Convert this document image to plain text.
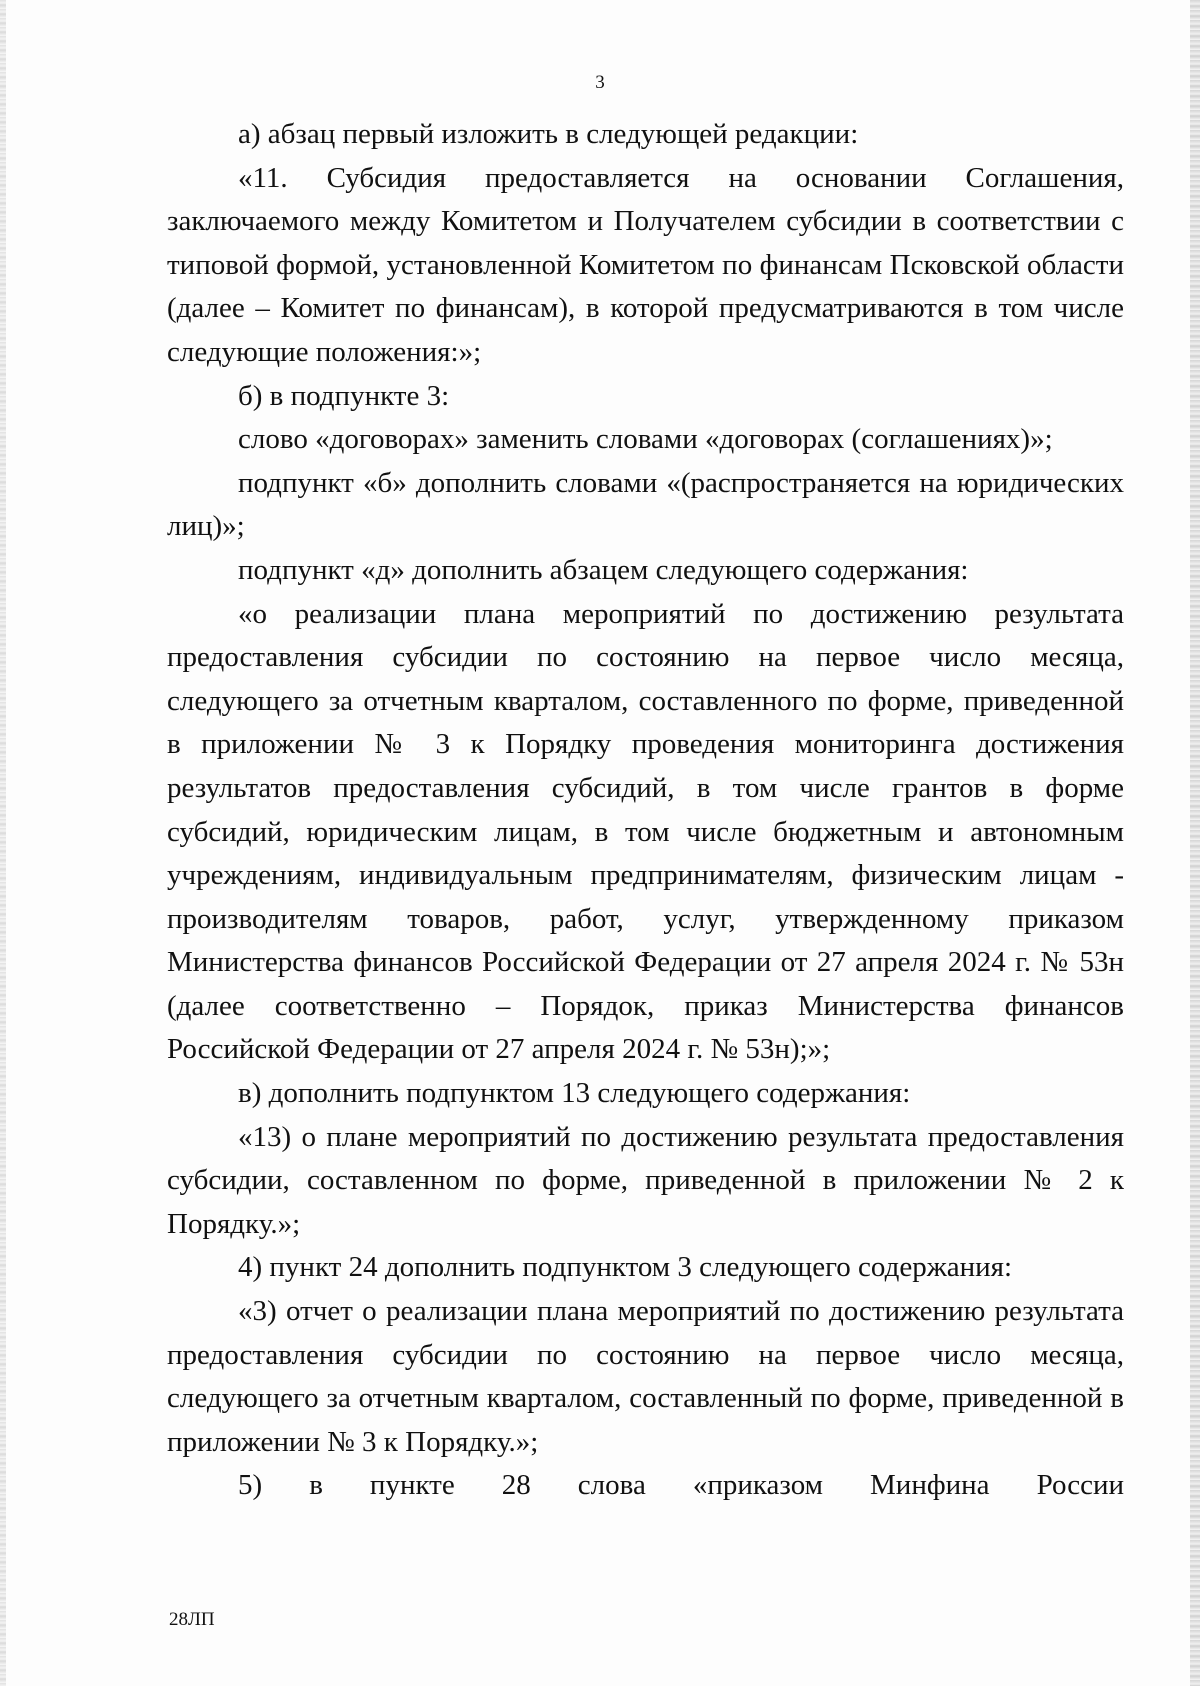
3

а) абзац первый изложить в следующей редакции:

«11. Субсидия предоставляется на основании Соглашения, заключаемого между Комитетом и Получателем субсидии в соответствии с типовой формой, установленной Комитетом по финансам Псковской области (далее – Комитет по финансам), в которой предусматриваются в том числе следующие положения:»;

б) в подпункте 3:

слово «договорах» заменить словами «договорах (соглашениях)»;

подпункт «б» дополнить словами «(распространяется на юридических лиц)»;

подпункт «д» дополнить абзацем следующего содержания:

«о реализации плана мероприятий по достижению результата предоставления субсидии по состоянию на первое число месяца, следующего за отчетным кварталом, составленного по форме, приведенной в приложении № 3 к Порядку проведения мониторинга достижения результатов предоставления субсидий, в том числе грантов в форме субсидий, юридическим лицам, в том числе бюджетным и автономным учреждениям, индивидуальным предпринимателям, физическим лицам - производителям товаров, работ, услуг, утвержденному приказом Министерства финансов Российской Федерации от 27 апреля 2024 г. № 53н (далее соответственно – Порядок, приказ Министерства финансов Российской Федерации от 27 апреля 2024 г. № 53н);»;

в) дополнить подпунктом 13 следующего содержания:

«13) о плане мероприятий по достижению результата предоставления субсидии, составленном по форме, приведенной в приложении № 2 к Порядку.»;

4) пункт 24 дополнить подпунктом 3 следующего содержания:

«3) отчет о реализации плана мероприятий по достижению результата предоставления субсидии по состоянию на первое число месяца, следующего за отчетным кварталом, составленный по форме, приведенной в приложении № 3 к Порядку.»;

5) в пункте 28 слова «приказом Минфина России

28ЛП
